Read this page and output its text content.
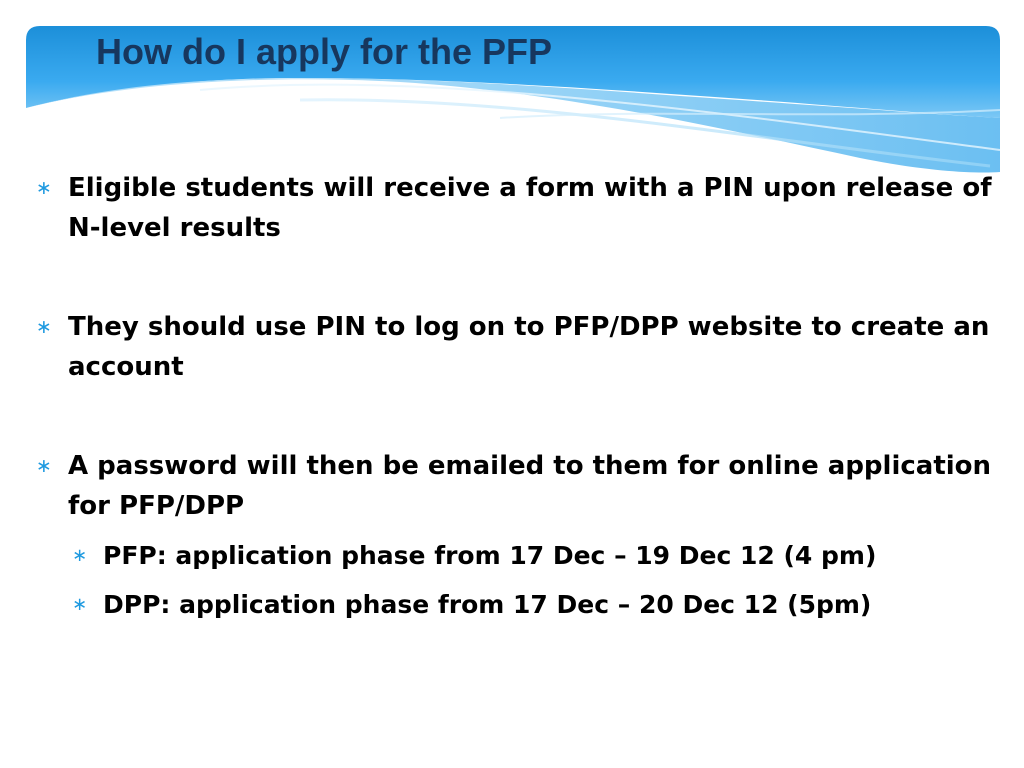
How do I apply for the PFP
∗ Eligible students will receive a form with a PIN upon release of N-level results
∗ They should use PIN to log on to PFP/DPP website to create an account
∗ A password will then be emailed to them for online application for PFP/DPP
∗ PFP: application phase from 17 Dec – 19 Dec 12 (4 pm)
∗ DPP: application phase from 17 Dec – 20 Dec 12 (5pm)
